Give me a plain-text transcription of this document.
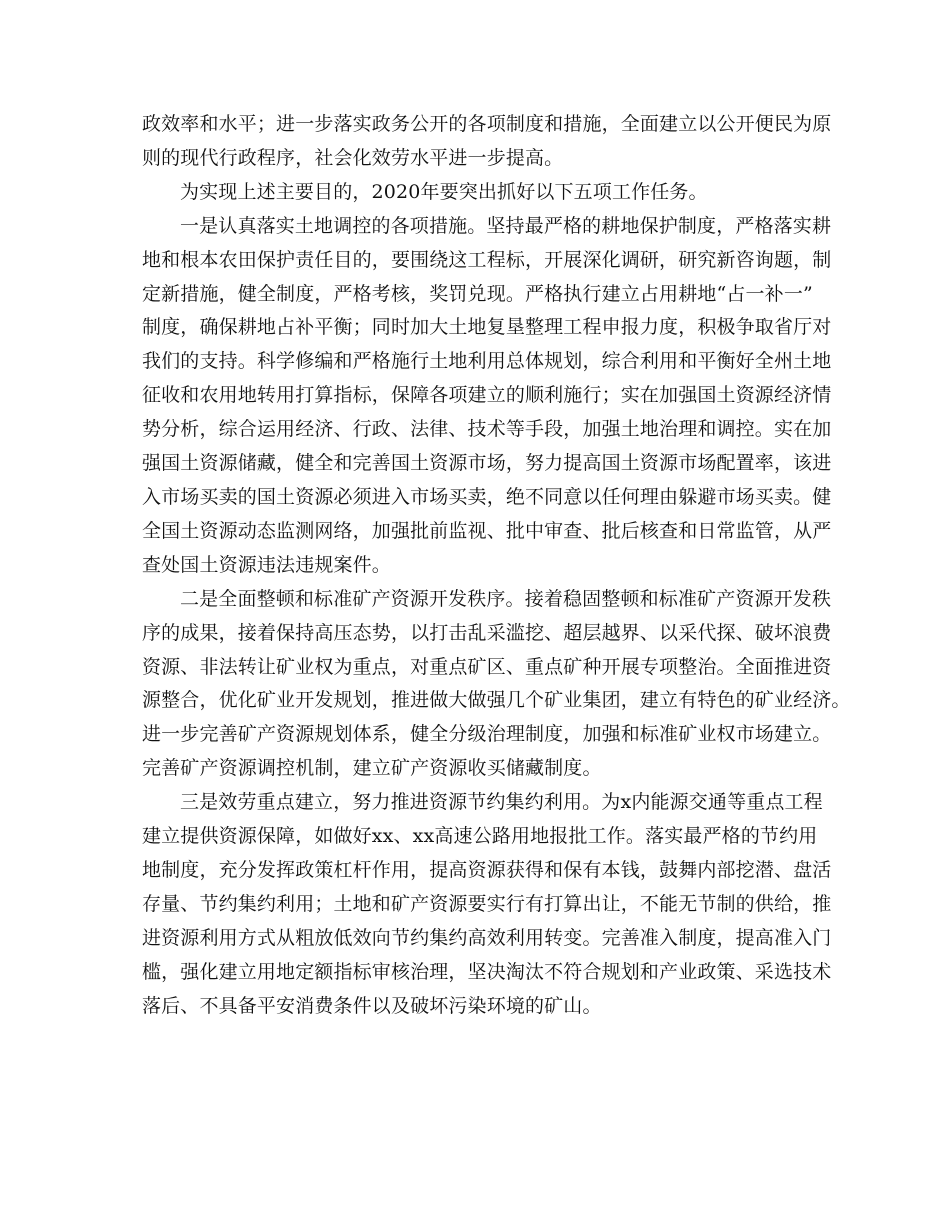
政效率和水平；进一步落实政务公开的各项制度和措施，全面建立以公开便民为原
则的现代行政程序，社会化效劳水平进一步提高。
为实现上述主要目的，2020年要突出抓好以下五项工作任务。
一是认真落实土地调控的各项措施。坚持最严格的耕地保护制度，严格落实耕
地和根本农田保护责任目的，要围绕这工程标，开展深化调研，研究新咨询题，制
定新措施，健全制度，严格考核，奖罚兑现。严格执行建立占用耕地“占一补一”
制度，确保耕地占补平衡；同时加大土地复垦整理工程申报力度，积极争取省厅对
我们的支持。科学修编和严格施行土地利用总体规划，综合利用和平衡好全州土地
征收和农用地转用打算指标，保障各项建立的顺利施行；实在加强国土资源经济情
势分析，综合运用经济、行政、法律、技术等手段，加强土地治理和调控。实在加
强国土资源储藏，健全和完善国土资源市场，努力提高国土资源市场配置率，该进
入市场买卖的国土资源必须进入市场买卖，绝不同意以任何理由躲避市场买卖。健
全国土资源动态监测网络，加强批前监视、批中审查、批后核查和日常监管，从严
查处国土资源违法违规案件。
二是全面整顿和标准矿产资源开发秩序。接着稳固整顿和标准矿产资源开发秩
序的成果，接着保持高压态势，以打击乱采滥挖、超层越界、以采代探、破坏浪费
资源、非法转让矿业权为重点，对重点矿区、重点矿种开展专项整治。全面推进资
源整合，优化矿业开发规划，推进做大做强几个矿业集团，建立有特色的矿业经济。
进一步完善矿产资源规划体系，健全分级治理制度，加强和标准矿业权市场建立。
完善矿产资源调控机制，建立矿产资源收买储藏制度。
三是效劳重点建立，努力推进资源节约集约利用。为x内能源交通等重点工程
建立提供资源保障，如做好xx、xx高速公路用地报批工作。落实最严格的节约用
地制度，充分发挥政策杠杆作用，提高资源获得和保有本钱，鼓舞内部挖潜、盘活
存量、节约集约利用；土地和矿产资源要实行有打算出让，不能无节制的供给，推
进资源利用方式从粗放低效向节约集约高效利用转变。完善准入制度，提高准入门
槛，强化建立用地定额指标审核治理，坚决淘汰不符合规划和产业政策、采选技术
落后、不具备平安消费条件以及破坏污染环境的矿山。
